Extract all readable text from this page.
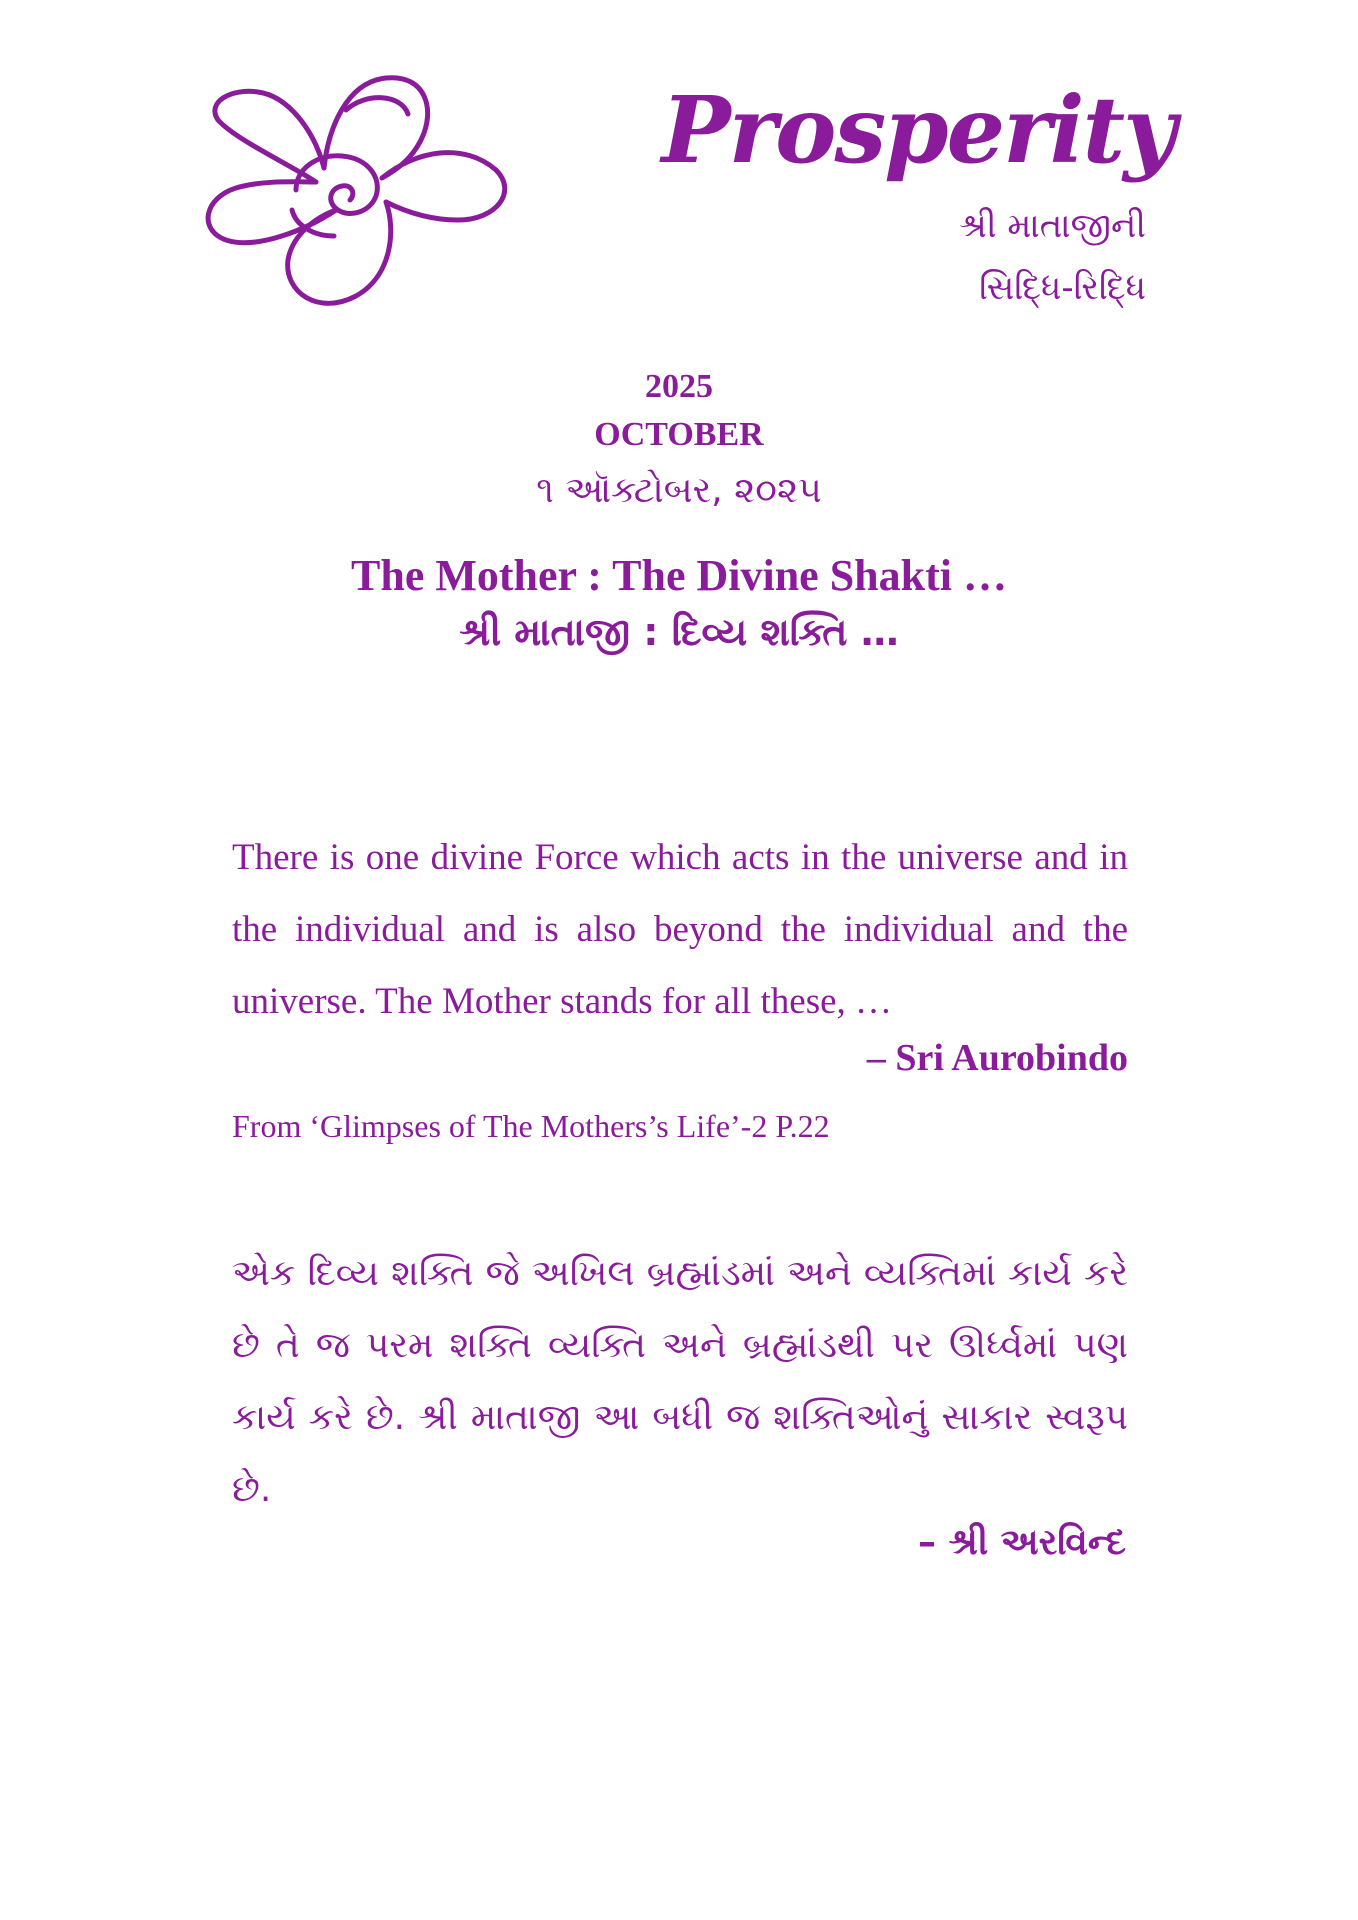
Prosperity
શ્રી માતાજીની
સિદ્ધિ-રિદ્ધિ
2025
OCTOBER
૧ ઑક્ટોબર, ૨૦૨૫
The Mother : The Divine Shakti …
શ્રી માતાજી : દિવ્ય શક્તિ …
There is one divine Force which acts in the universe and in the individual and is also beyond the individual and the universe. The Mother stands for all these, …
– Sri Aurobindo
From ‘Glimpses of The Mothers’s Life’-2 P.22
એક દિવ્ય શક્તિ જે અખિલ બ્રહ્માંડમાં અને વ્યક્તિમાં કાર્ય કરે છે તે જ પરમ શક્તિ વ્યક્તિ અને બ્રહ્માંડથી પર ઊર્ધ્વમાં પણ કાર્ય કરે છે. શ્રી માતાજી આ બધી જ શક્તિઓનું સાકાર સ્વરૂપ છે.
– શ્રી અરવિન્દ
